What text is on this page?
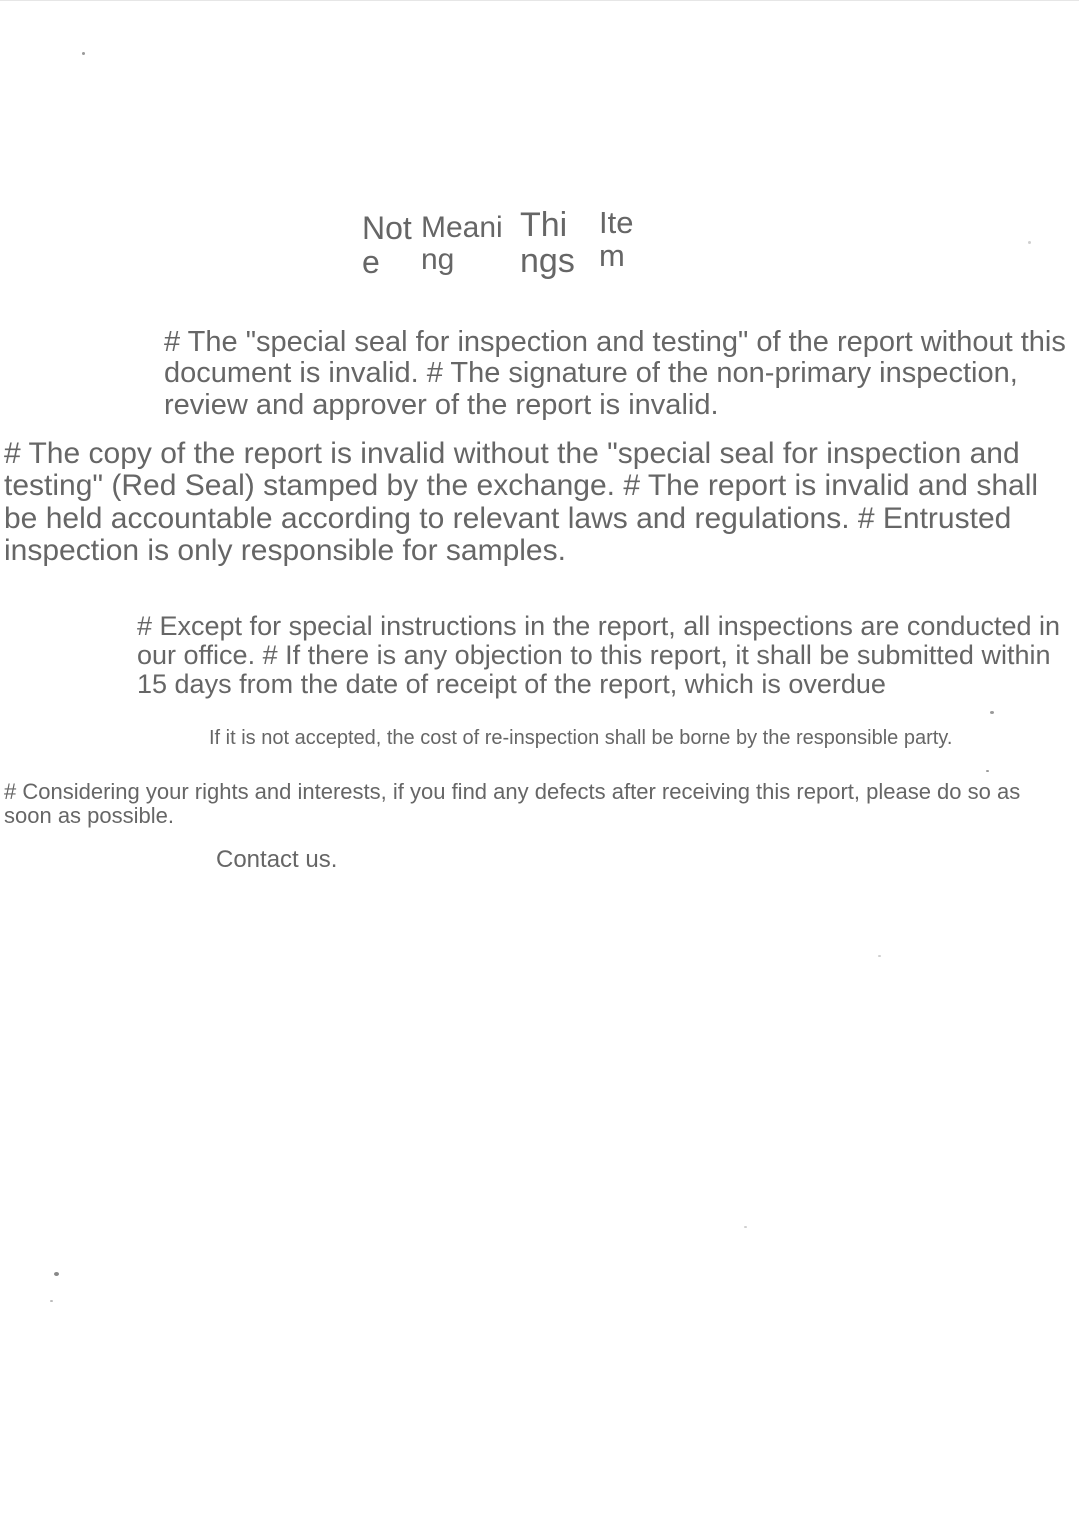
Note
Meaning
Things
Item

# The "special seal for inspection and testing" of the report without this document is invalid. # The signature of the non-primary inspection, review and approver of the report is invalid.

# The copy of the report is invalid without the "special seal for inspection and testing" (Red Seal) stamped by the exchange. # The report is invalid and shall be held accountable according to relevant laws and regulations. # Entrusted inspection is only responsible for samples.

# Except for special instructions in the report, all inspections are conducted in our office. # If there is any objection to this report, it shall be submitted within 15 days from the date of receipt of the report, which is overdue

If it is not accepted, the cost of re-inspection shall be borne by the responsible party.

# Considering your rights and interests, if you find any defects after receiving this report, please do so as soon as possible.

Contact us.
